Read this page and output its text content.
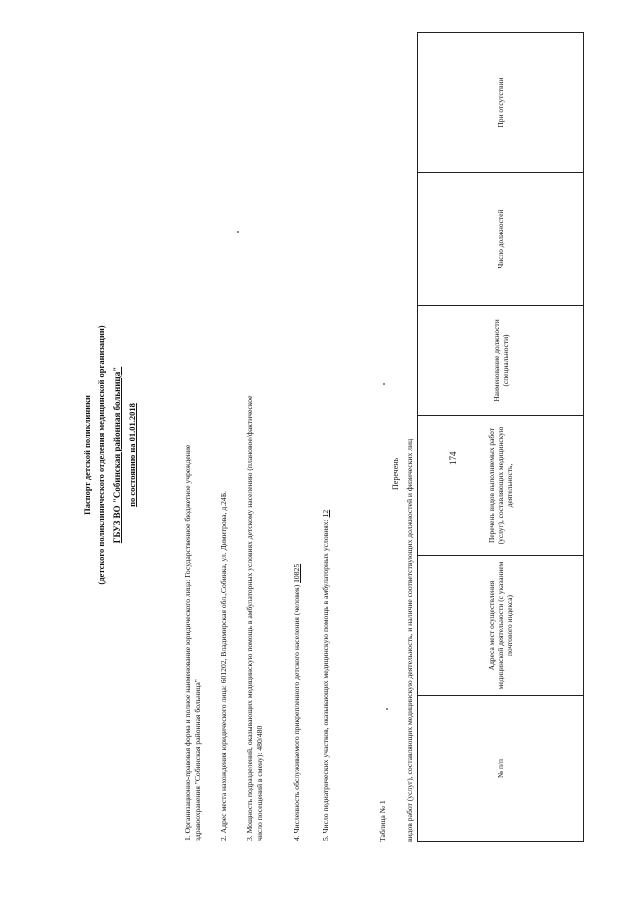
174
Паспорт детской поликлиники (детского поликлинического отделения медицинской организации) ГБУЗ ВО "Собинская районная больница" по состоянию на 01.01.2018	1. Организационно-правовая форма и полное наименование юридического лица: Государственное бюджетное учреждение здравоохранения "Собинская районная больница" 2. Адрес места нахождения юридического лица: 601202, Владимирская обл.,Собинка, ул. Димитрова, д.24Б. 3. Мощность подразделений, оказывающих медицинскую помощь в амбулаторных условиях детскому населению (плановое/фактическое число посещений в смену): 480/480	4. Численность обслуживаемого прикрепленного детского населения (человек) 10825	5. Число педиатрических участков, оказывающих медицинскую помощь в амбулаторных условиях: 12
Таблица № 1
Перечень видов работ (услуг), составляющих медицинскую деятельность, и наличие соответствующих должностей и физических лиц	№ п/п	Адреса мест осуществления медицинской деятельности (с указанием почтового индекса)	Перечень видов выполняемых работ (услуг), составляющих медицинскую деятельность,	Наименование должности (специальности)	Число должностей	При отсутствии
